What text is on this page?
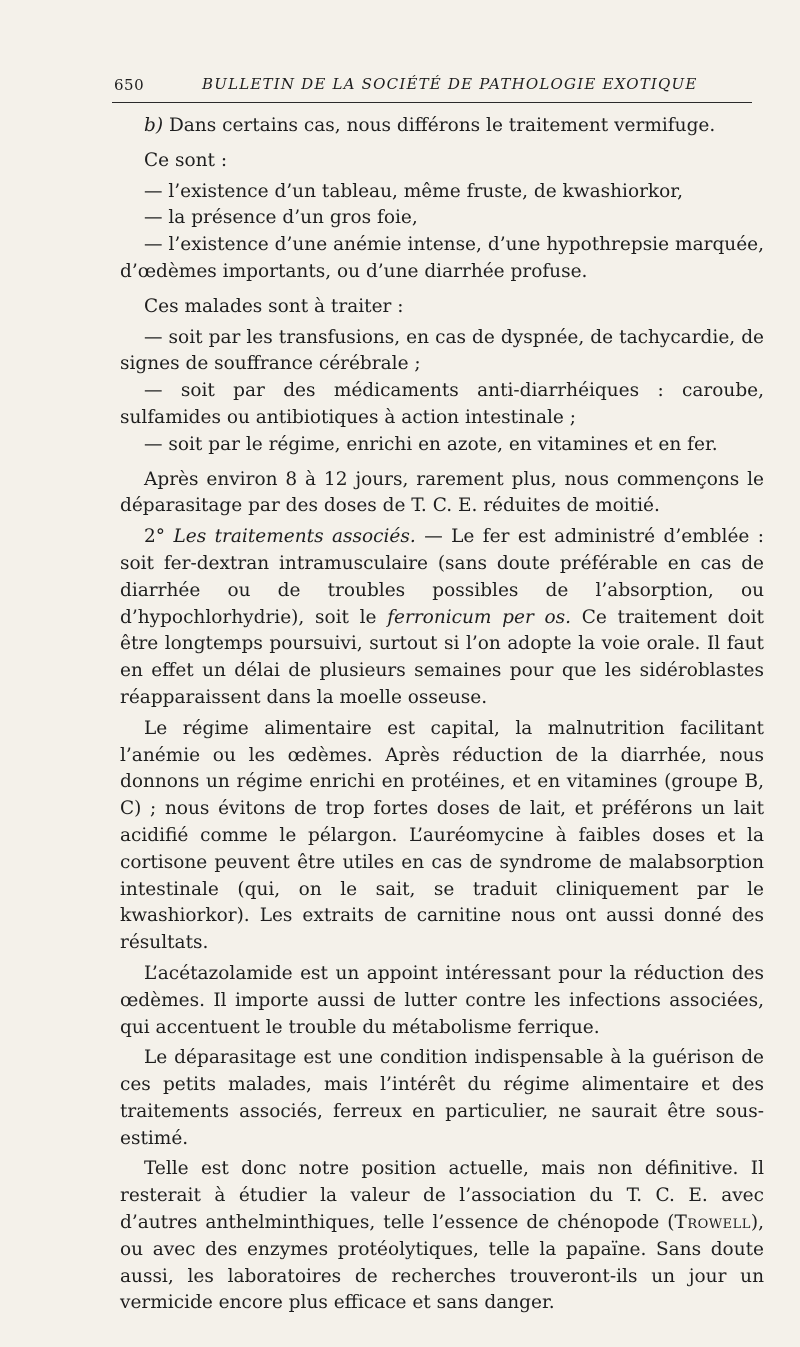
650	BULLETIN DE LA SOCIÉTÉ DE PATHOLOGIE EXOTIQUE

b) Dans certains cas, nous différons le traitement vermifuge.

Ce sont :

— l’existence d’un tableau, même fruste, de kwashiorkor,

— la présence d’un gros foie,

— l’existence d’une anémie intense, d’une hypothrepsie marquée, d’œdèmes importants, ou d’une diarrhée profuse.

Ces malades sont à traiter :

— soit par les transfusions, en cas de dyspnée, de tachycardie, de signes de souffrance cérébrale ;

— soit par des médicaments anti-diarrhéiques : caroube, sulfamides ou antibiotiques à action intestinale ;

— soit par le régime, enrichi en azote, en vitamines et en fer.

Après environ 8 à 12 jours, rarement plus, nous commençons le déparasitage par des doses de T. C. E. réduites de moitié.

2° Les traitements associés. — Le fer est administré d’emblée : soit fer-dextran intramusculaire (sans doute préférable en cas de diarrhée ou de troubles possibles de l’absorption, ou d’hypochlorhydrie), soit le ferronicum per os. Ce traitement doit être longtemps poursuivi, surtout si l’on adopte la voie orale. Il faut en effet un délai de plusieurs semaines pour que les sidéroblastes réapparaissent dans la moelle osseuse.

Le régime alimentaire est capital, la malnutrition facilitant l’anémie ou les œdèmes. Après réduction de la diarrhée, nous donnons un régime enrichi en protéines, et en vitamines (groupe B, C) ; nous évitons de trop fortes doses de lait, et préférons un lait acidifié comme le pélargon. L’auréomycine à faibles doses et la cortisone peuvent être utiles en cas de syndrome de malabsorption intestinale (qui, on le sait, se traduit cliniquement par le kwashiorkor). Les extraits de carnitine nous ont aussi donné des résultats.

L’acétazolamide est un appoint intéressant pour la réduction des œdèmes. Il importe aussi de lutter contre les infections associées, qui accentuent le trouble du métabolisme ferrique.

Le déparasitage est une condition indispensable à la guérison de ces petits malades, mais l’intérêt du régime alimentaire et des traitements associés, ferreux en particulier, ne saurait être sous-estimé.

Telle est donc notre position actuelle, mais non définitive. Il resterait à étudier la valeur de l’association du T. C. E. avec d’autres anthelminthiques, telle l’essence de chénopode (Trowell), ou avec des enzymes protéolytiques, telle la papaïne. Sans doute aussi, les laboratoires de recherches trouveront-ils un jour un vermicide encore plus efficace et sans danger.
